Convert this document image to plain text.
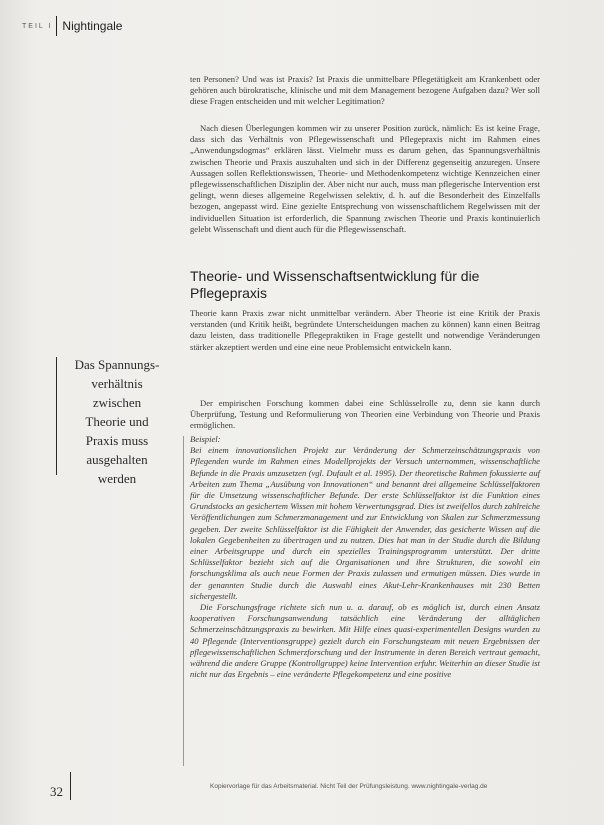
TEIL I Nightingale

ten Personen? Und was ist Praxis? Ist Praxis die unmittelbare Pflegetätigkeit am Krankenbett oder gehören auch bürokratische, klinische und mit dem Management bezogene Aufgaben dazu? Wer soll diese Fragen entscheiden und mit welcher Legitimation?

Nach diesen Überlegungen kommen wir zu unserer Position zurück, nämlich: Es ist keine Frage, dass sich das Verhältnis von Pflegewissenschaft und Pflegepraxis nicht im Rahmen eines „Anwendungsdogmas“ erklären lässt. Vielmehr muss es darum gehen, das Spannungsverhältnis zwischen Theorie und Praxis auszuhalten und sich in der Differenz gegenseitig anzuregen. Unsere Aussagen sollen Reflektionswissen, Theorie- und Methodenkompetenz wichtige Kennzeichen einer pflegewissenschaftlichen Disziplin der. Aber nicht nur auch, muss man pflegerische Intervention erst gelingt, wenn dieses allgemeine Regelwissen selektiv, d. h. auf die Besonderheit des Einzelfalls bezogen, angepasst wird. Eine gezielte Entsprechung von wissenschaftlichem Regelwissen mit der individuellen Situation ist erforderlich, die Spannung zwischen Theorie und Praxis kontinuierlich gelebt Wissenschaft und dient auch für die Pflegewissenschaft.

Theorie- und Wissenschaftsentwicklung für die Pflegepraxis

Theorie kann Praxis zwar nicht unmittelbar verändern. Aber Theorie ist eine Kritik der Praxis verstanden (und Kritik heißt, begründete Unterscheidungen machen zu können) kann einen Beitrag dazu leisten, dass traditionelle Pflegepraktiken in Frage gestellt und notwendige Veränderungen stärker akzeptiert werden und eine eine neue Problemsicht entwickeln kann.

Der empirischen Forschung kommen dabei eine Schlüsselrolle zu, denn sie kann durch Überprüfung, Testung und Reformulierung von Theorien eine Verbindung von Theorie und Praxis ermöglichen.

Das Spannungs-
verhältnis
zwischen
Theorie und
Praxis muss
ausgehalten
werden
Beispiel:

Bei einem innovationslichen Projekt zur Veränderung der Schmerzeinschätzungspraxis von Pflegenden wurde im Rahmen eines Modellprojekts der Versuch unternommen, wissenschaftliche Befunde in die Praxis umzusetzen (vgl. Dufault et al. 1995). Der theoretische Rahmen fokussierte auf Arbeiten zum Thema „Ausübung von Innovationen“ und benannt drei allgemeine Schlüsselfaktoren für die Umsetzung wissenschaftlicher Befunde. Der erste Schlüsselfaktor ist die Funktion eines Grundstocks an gesichertem Wissen mit hohem Verwertungsgrad. Dies ist zweifellos durch zahlreiche Veröffentlichungen zum Schmerzmanagement und zur Entwicklung von Skalen zur Schmerzmessung gegeben. Der zweite Schlüsselfaktor ist die Fähigkeit der Anwender, das gesicherte Wissen auf die lokalen Gegebenheiten zu übertragen und zu nutzen. Dies hat man in der Studie durch die Bildung einer Arbeitsgruppe und durch ein spezielles Trainingsprogramm unterstützt. Der dritte Schlüsselfaktor bezieht sich auf die Organisationen und ihre Strukturen, die sowohl ein forschungsklima als auch neue Formen der Praxis zulassen und ermutigen müssen. Dies wurde in der genannten Studie durch die Auswahl eines Akut-Lehr-Krankenhauses mit 230 Betten sichergestellt.

Die Forschungsfrage richtete sich nun u. a. darauf, ob es möglich ist, durch einen Ansatz kooperativen Forschungsanwendung tatsächlich eine Veränderung der alltäglichen Schmerzeinschätzungspraxis zu bewirken. Mit Hilfe eines quasi-experimentellen Designs wurden zu 40 Pflegende (Interventionsgruppe) gezielt durch ein Forschungsteam mit neuen Ergebnissen der pflegewissenschaftlichen Schmerzforschung und der Instrumente in deren Bereich vertraut gemacht, während die andere Gruppe (Kontrollgruppe) keine Intervention erfuhr. Weiterhin an dieser Studie ist nicht nur das Ergebnis – eine veränderte Pflegekompetenz und eine positive

32	Kopiervorlage für das Arbeitsmaterial. Nicht Teil der Prüfungsleistung. www.nightingale-verlag.de
